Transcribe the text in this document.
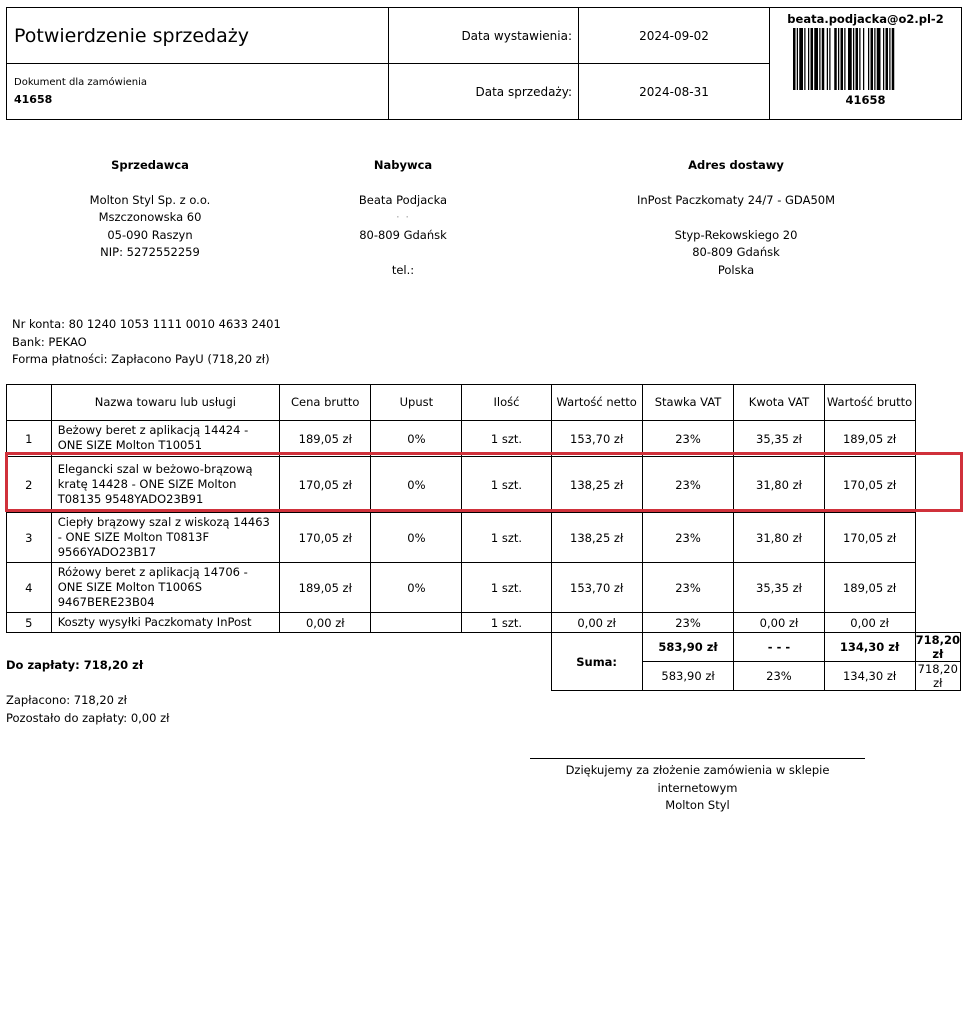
Potwierdzenie sprzedaży	Data wystawienia:	2024-09-02	beata.podjacka@o2.pl-2
41658

Dokument dla zamówienia
41658	Data sprzedaży:	2024-08-31	
Sprzedawca
Molton Styl Sp. z o.o.
Mszczonowska 60
05-090 Raszyn
NIP: 5272552259
Nabywca
Beata Podjacka
· ·
80-809 Gdańsk
tel.:
Adres dostawy
InPost Paczkomaty 24/7 - GDA50M
Styp-Rekowskiego 20
80-809 Gdańsk
Polska
Nr konta: 80 1240 1053 1111 0010 4633 2401
Bank: PEKAO
Forma płatności: Zapłacono PayU (718,20 zł)
	Nazwa towaru lub usługi	Cena brutto	Upust	Ilość	Wartość netto	Stawka VAT	Kwota VAT	Wartość brutto	
1	Beżowy beret z aplikacją 14424 - ONE SIZE Molton T10051	189,05 zł	0%	1 szt.	153,70 zł	23%	35,35 zł	189,05 zł	
2	Elegancki szal w beżowo-brązową kratę 14428 - ONE SIZE Molton T08135 9548YADO23B91	170,05 zł	0%	1 szt.	138,25 zł	23%	31,80 zł	170,05 zł	
3	Ciepły brązowy szal z wiskozą 14463 - ONE SIZE Molton T0813F 9566YADO23B17	170,05 zł	0%	1 szt.	138,25 zł	23%	31,80 zł	170,05 zł	
4	Różowy beret z aplikacją 14706 - ONE SIZE Molton T1006S 9467BERE23B04	189,05 zł	0%	1 szt.	153,70 zł	23%	35,35 zł	189,05 zł	
5	Koszty wysyłki Paczkomaty InPost	0,00 zł		1 szt.	0,00 zł	23%	0,00 zł	0,00 zł	
					Suma:	583,90 zł	- - -	134,30 zł	718,20 zł
						583,90 zł	23%	134,30 zł	718,20 zł
Do zapłaty: 718,20 zł
Zapłacono: 718,20 zł
Pozostało do zapłaty: 0,00 zł
Dziękujemy za złożenie zamówienia w sklepie
internetowym
Molton Styl
